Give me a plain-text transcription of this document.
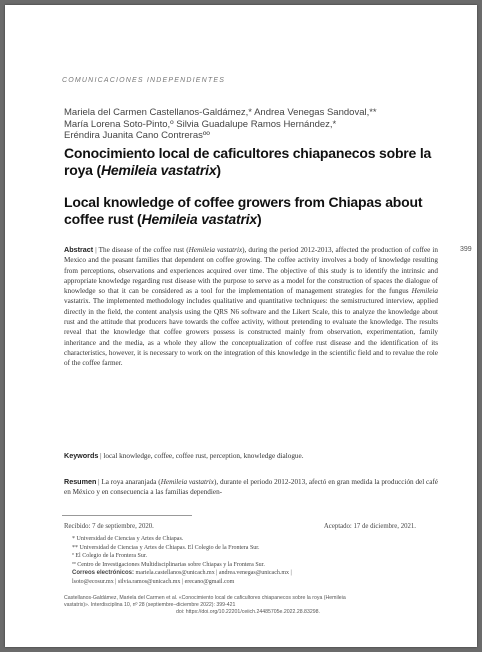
COMUNICACIONES INDEPENDIENTES
Mariela del Carmen Castellanos-Galdámez,* Andrea Venegas Sandoval,**
María Lorena Soto-Pinto,º Silvia Guadalupe Ramos Hernández,*
Eréndira Juanita Cano Contrerasºº
Conocimiento local de caficultores chiapanecos sobre la roya (Hemileia vastatrix)
Local knowledge of coffee growers from Chiapas about coffee rust (Hemileia vastatrix)
Abstract | The disease of the coffee rust (Hemileia vastatrix), during the period 2012-2013, affected the production of coffee in Mexico and the peasant families that dependent on coffee growing. The coffee activity involves a body of knowledge resulting from perceptions, observations and experiences acquired over time. The objective of this study is to identify the intrinsic and appropriate knowledge regarding rust disease with the purpose to serve as a model for the construction of spaces the dialogue of knowledge so that it can be considered as a tool for the implementation of management strategies for the fungus Hemileia vastatrix. The implemented methodology includes qualitative and quantitative techniques: the semistructured interview, applied directly in the field, the content analysis using the QRS N6 software and the Likert Scale, this to analyze the knowledge about rust and the attitude that producers have towards the coffee activity, without pretending to evaluate the knowledge. The results reveal that the knowledge that coffee growers possess is constructed mainly from observation, experimentation, family inheritance and the media, as a whole they allow the conceptualization of coffee rust disease and the identification of its characteristics, however, it is necessary to work on the integration of this knowledge in the scientific field and to revalue the role of the coffee farmer.
Keywords | local knowledge, coffee, coffee rust, perception, knowledge dialogue.
Resumen | La roya anaranjada (Hemileia vastatrix), durante el periodo 2012-2013, afectó en gran medida la producción del café en México y en consecuencia a las familias dependien-
Recibido: 7 de septiembre, 2020.	Aceptado: 17 de diciembre, 2021.
* Universidad de Ciencias y Artes de Chiapas.
** Universidad de Ciencias y Artes de Chiapas. El Colegio de la Frontera Sur.
º El Colegio de la Frontera Sur.
ºº Centro de Investigaciones Multidisciplinarias sobre Chiapas y la Frontera Sur.
Correos electrónicos: mariela.castellanos@unicach.mx | andrea.venegas@unicach.mx |
lsoto@ecosur.mx | silvia.ramos@unicach.mx | erecano@gmail.com
Castellanos-Galdámez, Mariela del Carmen et al. «Conocimiento local de caficultores chiapanecos sobre la roya (Hemileia
vastatrix)». Interdisciplina 10, nº 28 (septiembre–diciembre 2022): 399-421
doi: https://doi.org/10.22201/ceiich.24485705e.2022.28.83298.
399
